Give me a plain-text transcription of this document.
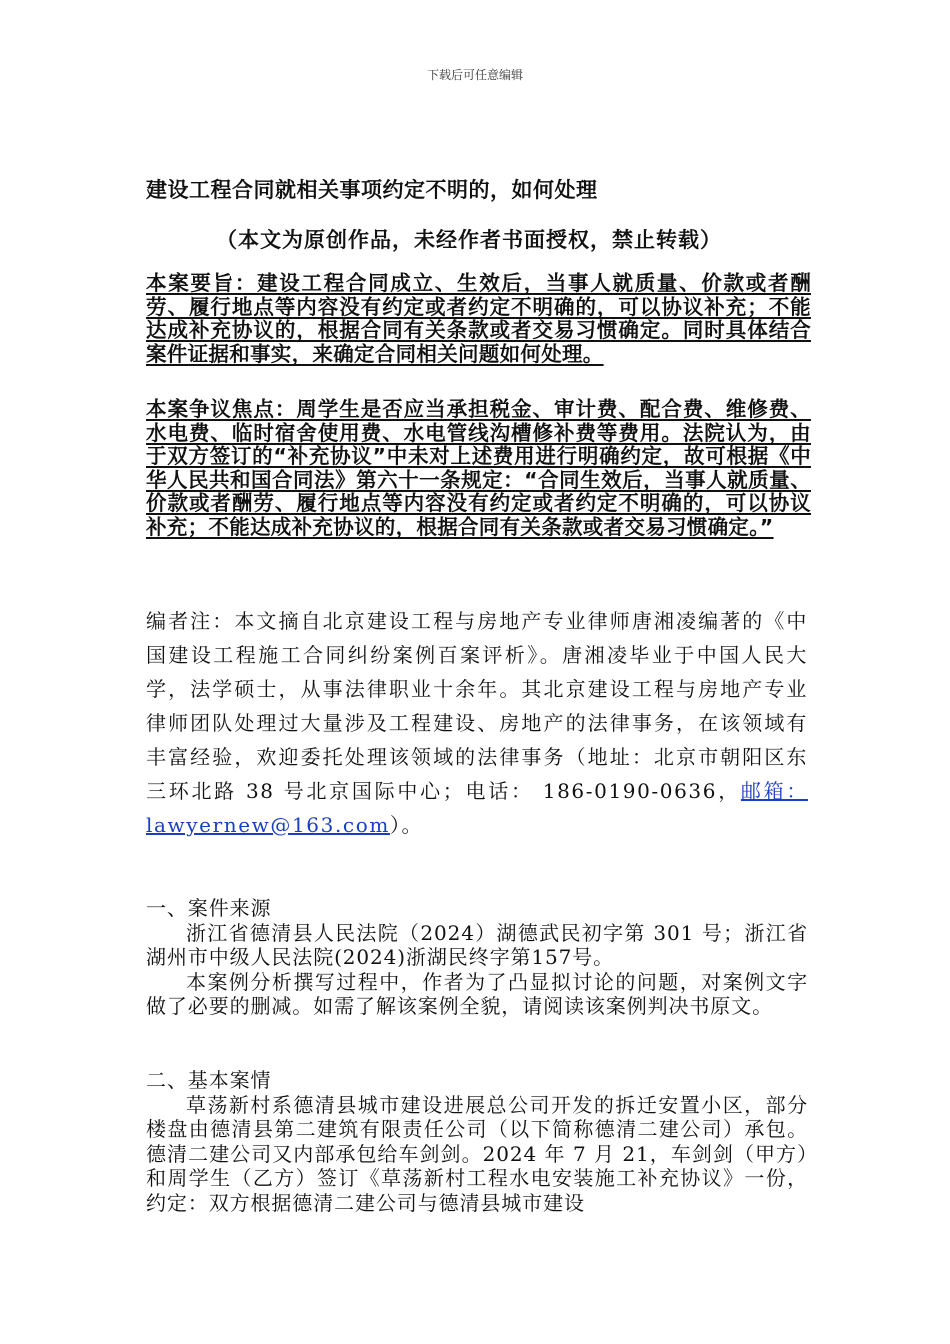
下载后可任意编辑
建设工程合同就相关事项约定不明的，如何处理
（本文为原创作品，未经作者书面授权，禁止转载）
本案要旨：建设工程合同成立、生效后，当事人就质量、价款或者酬劳、履行地点等内容没有约定或者约定不明确的，可以协议补充；不能达成补充协议的，根据合同有关条款或者交易习惯确定。同时具体结合案件证据和事实，来确定合同相关问题如何处理。
本案争议焦点：周学生是否应当承担税金、审计费、配合费、维修费、水电费、临时宿舍使用费、水电管线沟槽修补费等费用。法院认为，由于双方签订的“补充协议”中未对上述费用进行明确约定，故可根据《中华人民共和国合同法》第六十一条规定：“合同生效后，当事人就质量、价款或者酬劳、履行地点等内容没有约定或者约定不明确的，可以协议补充；不能达成补充协议的，根据合同有关条款或者交易习惯确定。”
编者注：本文摘自北京建设工程与房地产专业律师唐湘凌编著的《中国建设工程施工合同纠纷案例百案评析》。唐湘凌毕业于中国人民大学，法学硕士，从事法律职业十余年。其北京建设工程与房地产专业律师团队处理过大量涉及工程建设、房地产的法律事务，在该领域有丰富经验，欢迎委托处理该领域的法律事务（地址：北京市朝阳区东三环北路 38 号北京国际中心；电话： 186-0190-0636，邮箱：lawyernew@163.com）。

一、案件来源

浙江省德清县人民法院（2024）湖德武民初字第 301 号；浙江省湖州市中级人民法院(2024)浙湖民终字第157号。

本案例分析撰写过程中，作者为了凸显拟讨论的问题，对案例文字做了必要的删减。如需了解该案例全貌，请阅读该案例判决书原文。

二、基本案情

草荡新村系德清县城市建设进展总公司开发的拆迁安置小区，部分楼盘由德清县第二建筑有限责任公司（以下简称德清二建公司）承包。德清二建公司又内部承包给车剑剑。2024 年 7 月 21，车剑剑（甲方）和周学生（乙方）签订《草荡新村工程水电安装施工补充协议》一份，约定：双方根据德清二建公司与德清县城市建设
